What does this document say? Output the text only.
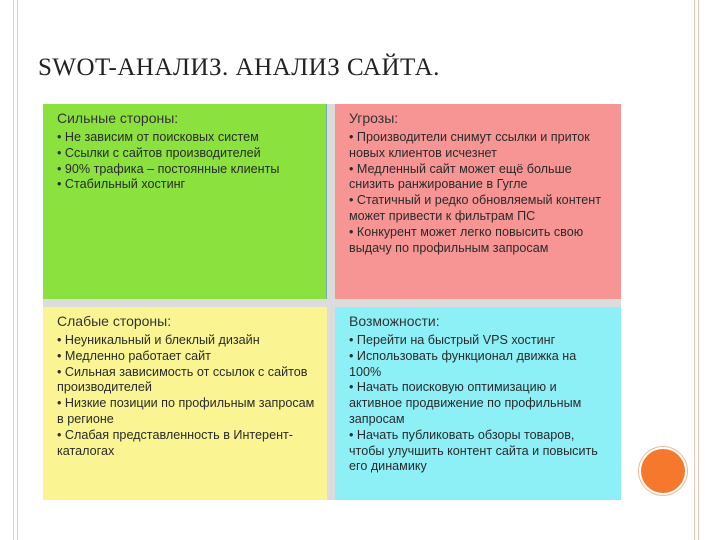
SWOT-АНАЛИЗ. АНАЛИЗ САЙТА.
Сильные стороны:
• Не зависим от поисковых систем
• Ссылки с сайтов производителей
• 90% трафика – постоянные клиенты
• Стабильный хостинг
Угрозы:
• Производители снимут ссылки и приток новых клиентов исчезнет
• Медленный сайт может ещё больше снизить ранжирование в Гугле
• Статичный и редко обновляемый контент может привести к фильтрам ПС
• Конкурент может легко повысить свою выдачу по профильным запросам
Слабые стороны:
• Неуникальный и блеклый дизайн
• Медленно работает сайт
• Сильная зависимость от ссылок с сайтов производителей
• Низкие позиции по профильным запросам в регионе
• Слабая представленность в Интерент-каталогах
Возможности:
• Перейти на быстрый VPS хостинг
• Использовать функционал движка на 100%
• Начать поисковую оптимизацию и активное продвижение по профильным запросам
• Начать публиковать обзоры товаров, чтобы улучшить контент сайта и повысить его динамику
